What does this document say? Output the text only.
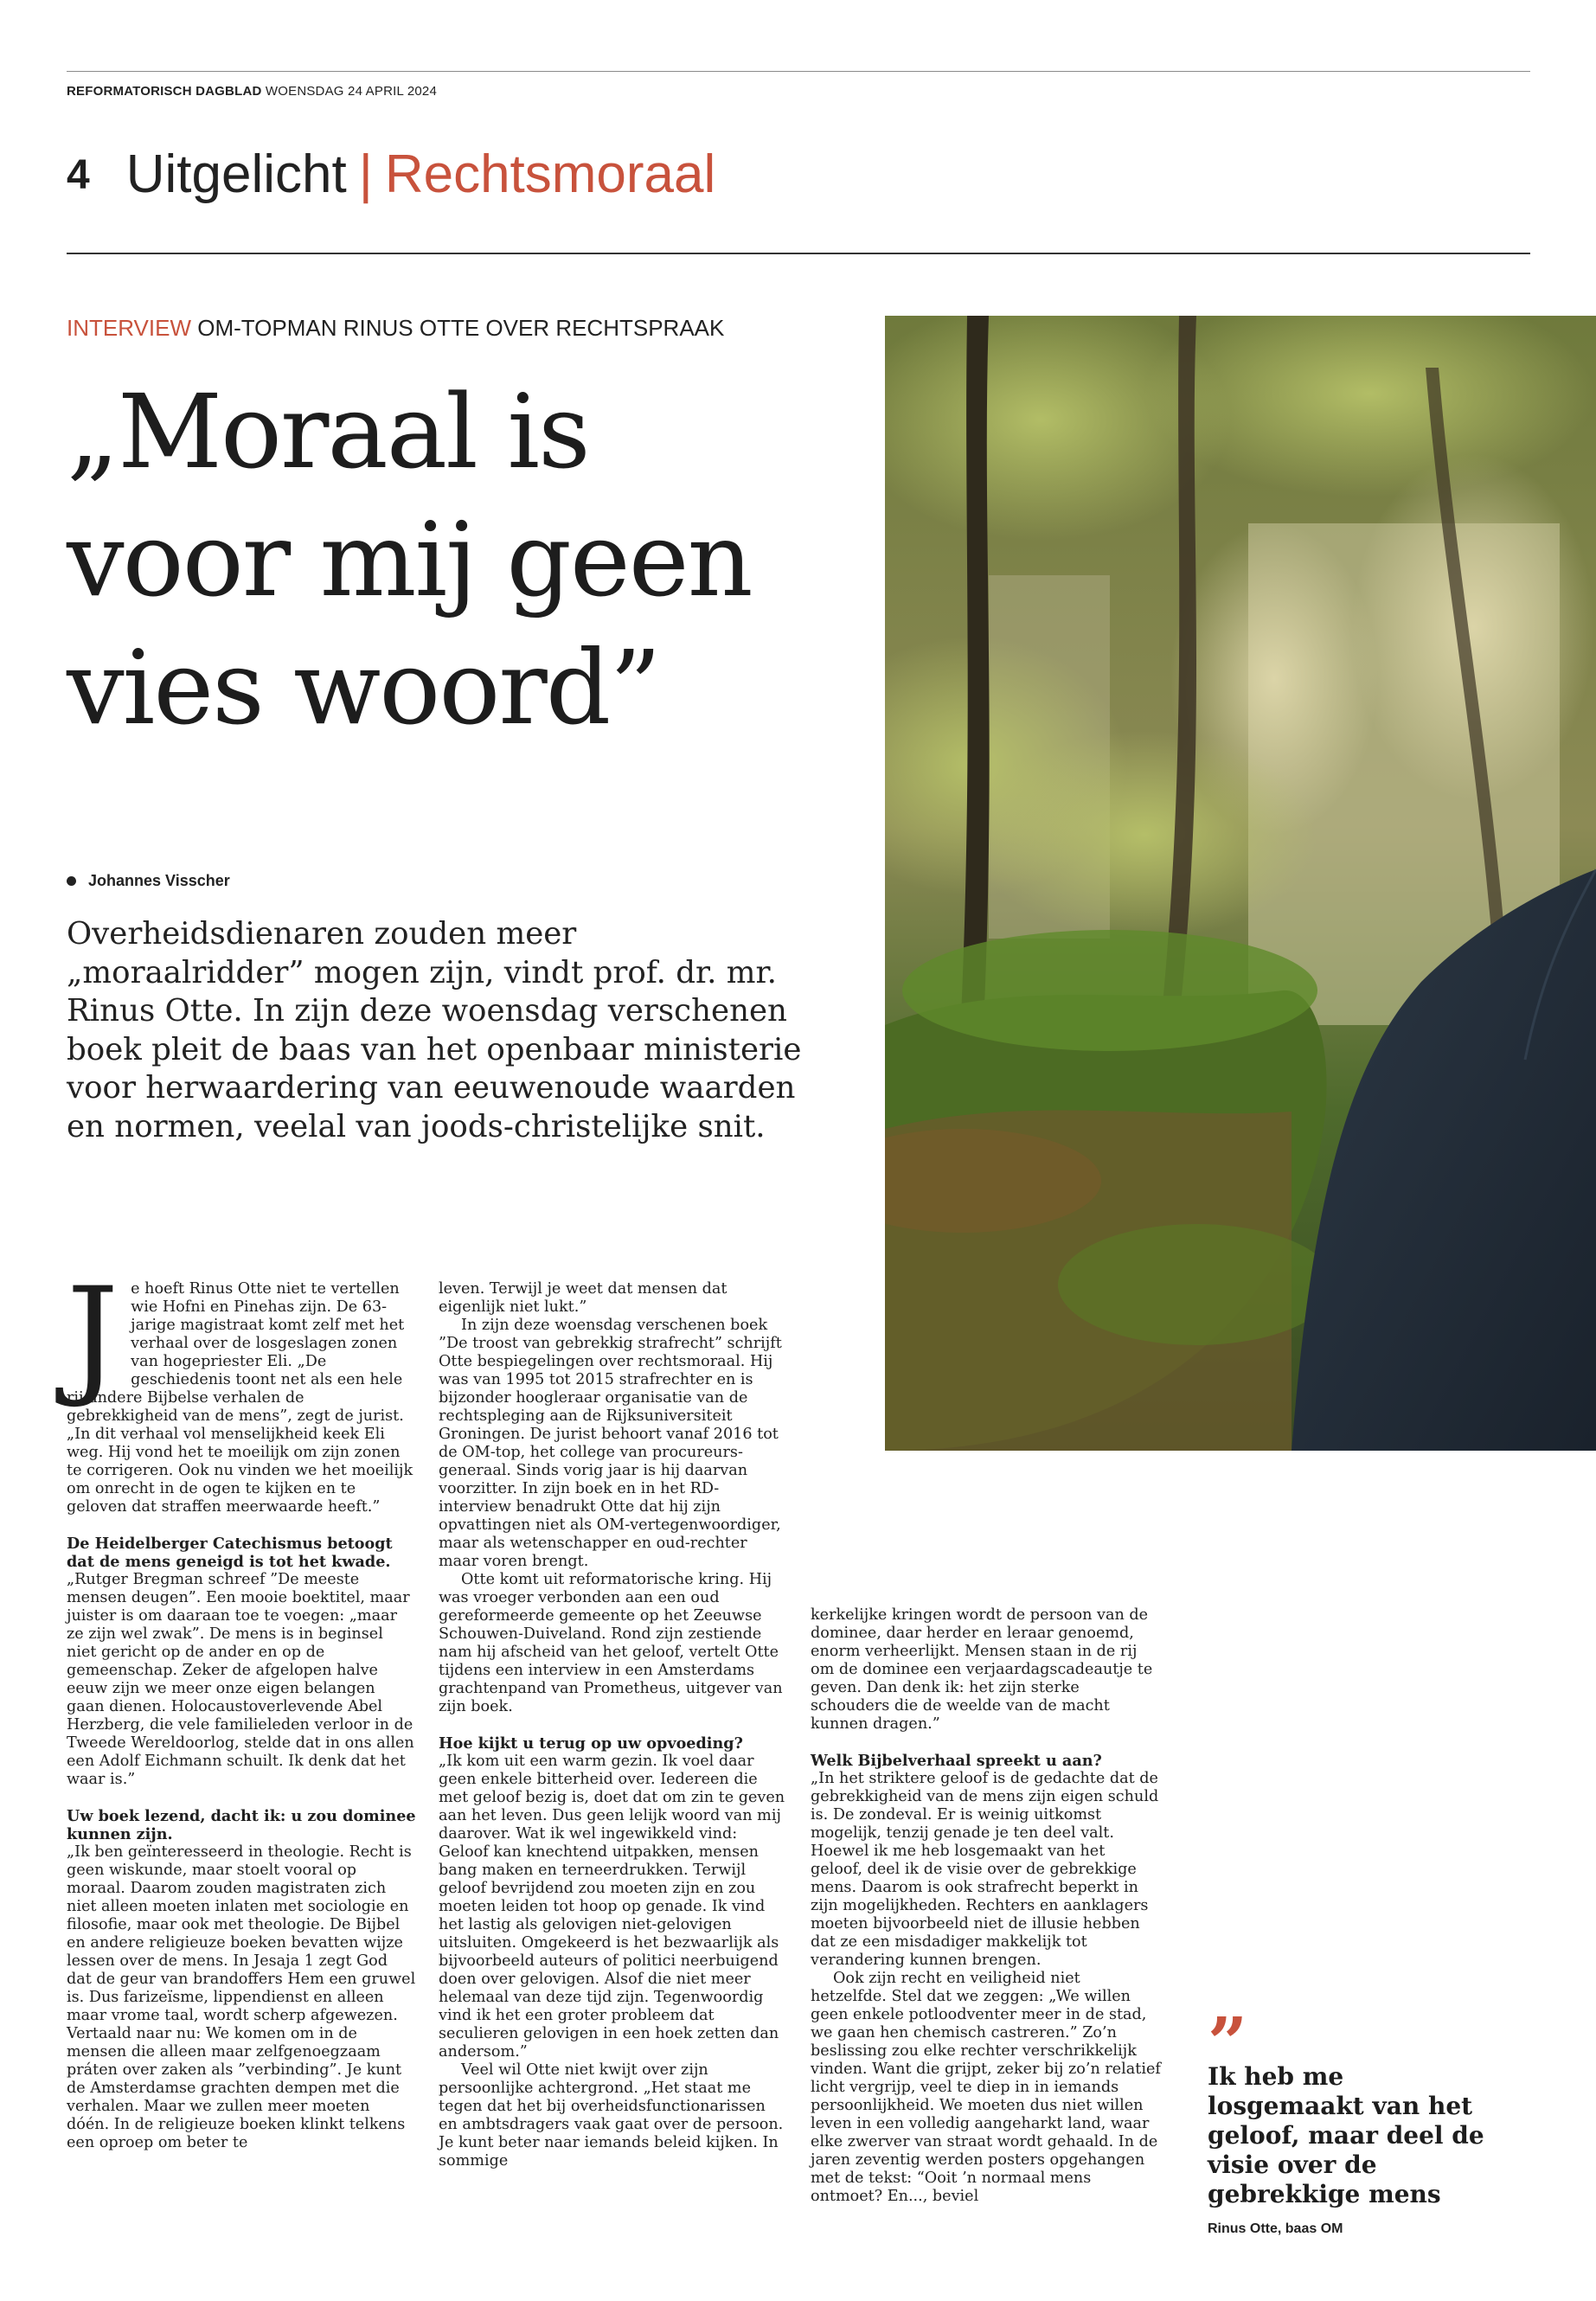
REFORMATORISCH DAGBLAD WOENSDAG 24 APRIL 2024
4 Uitgelicht | Rechtsmoraal
INTERVIEW OM-TOPMAN RINUS OTTE OVER RECHTSPRAAK
„Moraal is
voor mij geen
vies woord”
Johannes Visscher

Overheidsdienaren zouden meer „moraalridder” mogen zijn, vindt prof. dr. mr. Rinus Otte. In zijn deze woensdag verschenen boek pleit de baas van het openbaar ministerie voor herwaardering van eeuwenoude waarden en normen, veelal van joods-christelijke snit.

J e hoeft Rinus Otte niet te vertellen wie Hofni en Pinehas zijn. De 63-jarige magistraat komt zelf met het verhaal over de losgeslagen zonen van hogepriester Eli. „De geschiedenis toont net als een hele rij andere Bijbelse verhalen de gebrekkigheid van de mens”, zegt de jurist. „In dit verhaal vol menselijkheid keek Eli weg. Hij vond het te moeilijk om zijn zonen te corrigeren. Ook nu vinden we het moeilijk om onrecht in de ogen te kijken en te geloven dat straffen meerwaarde heeft.”

De Heidelberger Catechismus betoogt dat de mens geneigd is tot het kwade.

„Rutger Bregman schreef ”De meeste mensen deugen”. Een mooie boektitel, maar juister is om daaraan toe te voegen: „maar ze zijn wel zwak”. De mens is in beginsel niet gericht op de ander en op de gemeenschap. Zeker de afgelopen halve eeuw zijn we meer onze eigen belangen gaan dienen. Holocaustoverlevende Abel Herzberg, die vele familieleden verloor in de Tweede Wereldoorlog, stelde dat in ons allen een Adolf Eichmann schuilt. Ik denk dat het waar is.”

Uw boek lezend, dacht ik: u zou dominee kunnen zijn.

„Ik ben geïnteresseerd in theologie. Recht is geen wiskunde, maar stoelt vooral op moraal. Daarom zouden magistraten zich niet alleen moeten inlaten met sociologie en filosofie, maar ook met theologie. De Bijbel en andere religieuze boeken bevatten wijze lessen over de mens. In Jesaja 1 zegt God dat de geur van brandoffers Hem een gruwel is. Dus farizeïsme, lippendienst en alleen maar vrome taal, wordt scherp afgewezen. Vertaald naar nu: We komen om in de mensen die alleen maar zelfgenoegzaam práten over zaken als ”verbinding”. Je kunt de Amsterdamse grachten dempen met die verhalen. Maar we zullen meer moeten dóén. In de religieuze boeken klinkt telkens een oproep om beter te

leven. Terwijl je weet dat mensen dat eigenlijk niet lukt.”

In zijn deze woensdag verschenen boek ”De troost van gebrekkig strafrecht” schrijft Otte bespiegelingen over rechtsmoraal. Hij was van 1995 tot 2015 strafrechter en is bijzonder hoogleraar organisatie van de rechtspleging aan de Rijksuniversiteit Groningen. De jurist behoort vanaf 2016 tot de OM-top, het college van procureurs-generaal. Sinds vorig jaar is hij daarvan voorzitter. In zijn boek en in het RD-interview benadrukt Otte dat hij zijn opvattingen niet als OM-vertegenwoordiger, maar als wetenschapper en oud-rechter maar voren brengt.

Otte komt uit reformatorische kring. Hij was vroeger verbonden aan een oud gereformeerde gemeente op het Zeeuwse Schouwen-Duiveland. Rond zijn zestiende nam hij afscheid van het geloof, vertelt Otte tijdens een interview in een Amsterdams grachtenpand van Prometheus, uitgever van zijn boek.

Hoe kijkt u terug op uw opvoeding?

„Ik kom uit een warm gezin. Ik voel daar geen enkele bitterheid over. Iedereen die met geloof bezig is, doet dat om zin te geven aan het leven. Dus geen lelijk woord van mij daarover. Wat ik wel ingewikkeld vind: Geloof kan knechtend uitpakken, mensen bang maken en terneerdrukken. Terwijl geloof bevrijdend zou moeten zijn en zou moeten leiden tot hoop op genade. Ik vind het lastig als gelovigen niet-gelovigen uitsluiten. Omgekeerd is het bezwaarlijk als bijvoorbeeld auteurs of politici neerbuigend doen over gelovigen. Alsof die niet meer helemaal van deze tijd zijn. Tegenwoordig vind ik het een groter probleem dat seculieren gelovigen in een hoek zetten dan andersom.”

Veel wil Otte niet kwijt over zijn persoonlijke achtergrond. „Het staat me tegen dat het bij overheidsfunctionarissen en ambtsdragers vaak gaat over de persoon. Je kunt beter naar iemands beleid kijken. In sommige

kerkelijke kringen wordt de persoon van de dominee, daar herder en leraar genoemd, enorm verheerlijkt. Mensen staan in de rij om de dominee een verjaardagscadeautje te geven. Dan denk ik: het zijn sterke schouders die de weelde van de macht kunnen dragen.”

Welk Bijbelverhaal spreekt u aan?

„In het striktere geloof is de gedachte dat de gebrekkigheid van de mens zijn eigen schuld is. De zondeval. Er is weinig uitkomst mogelijk, tenzij genade je ten deel valt. Hoewel ik me heb losgemaakt van het geloof, deel ik de visie over de gebrekkige mens. Daarom is ook strafrecht beperkt in zijn mogelijkheden. Rechters en aanklagers moeten bijvoorbeeld niet de illusie hebben dat ze een misdadiger makkelijk tot verandering kunnen brengen.

Ook zijn recht en veiligheid niet hetzelfde. Stel dat we zeggen: „We willen geen enkele potloodventer meer in de stad, we gaan hen chemisch castreren.” Zo’n beslissing zou elke rechter verschrikkelijk vinden. Want die grijpt, zeker bij zo’n relatief licht vergrijp, veel te diep in in iemands persoonlijkheid. We moeten dus niet willen leven in een volledig aangeharkt land, waar elke zwerver van straat wordt gehaald. In de jaren zeventig werden posters opgehangen met de tekst: “Ooit ’n normaal mens ontmoet? En..., beviel

”
Ik heb me losgemaakt van het geloof, maar deel de visie over de gebrekkige mens
Rinus Otte, baas OM
